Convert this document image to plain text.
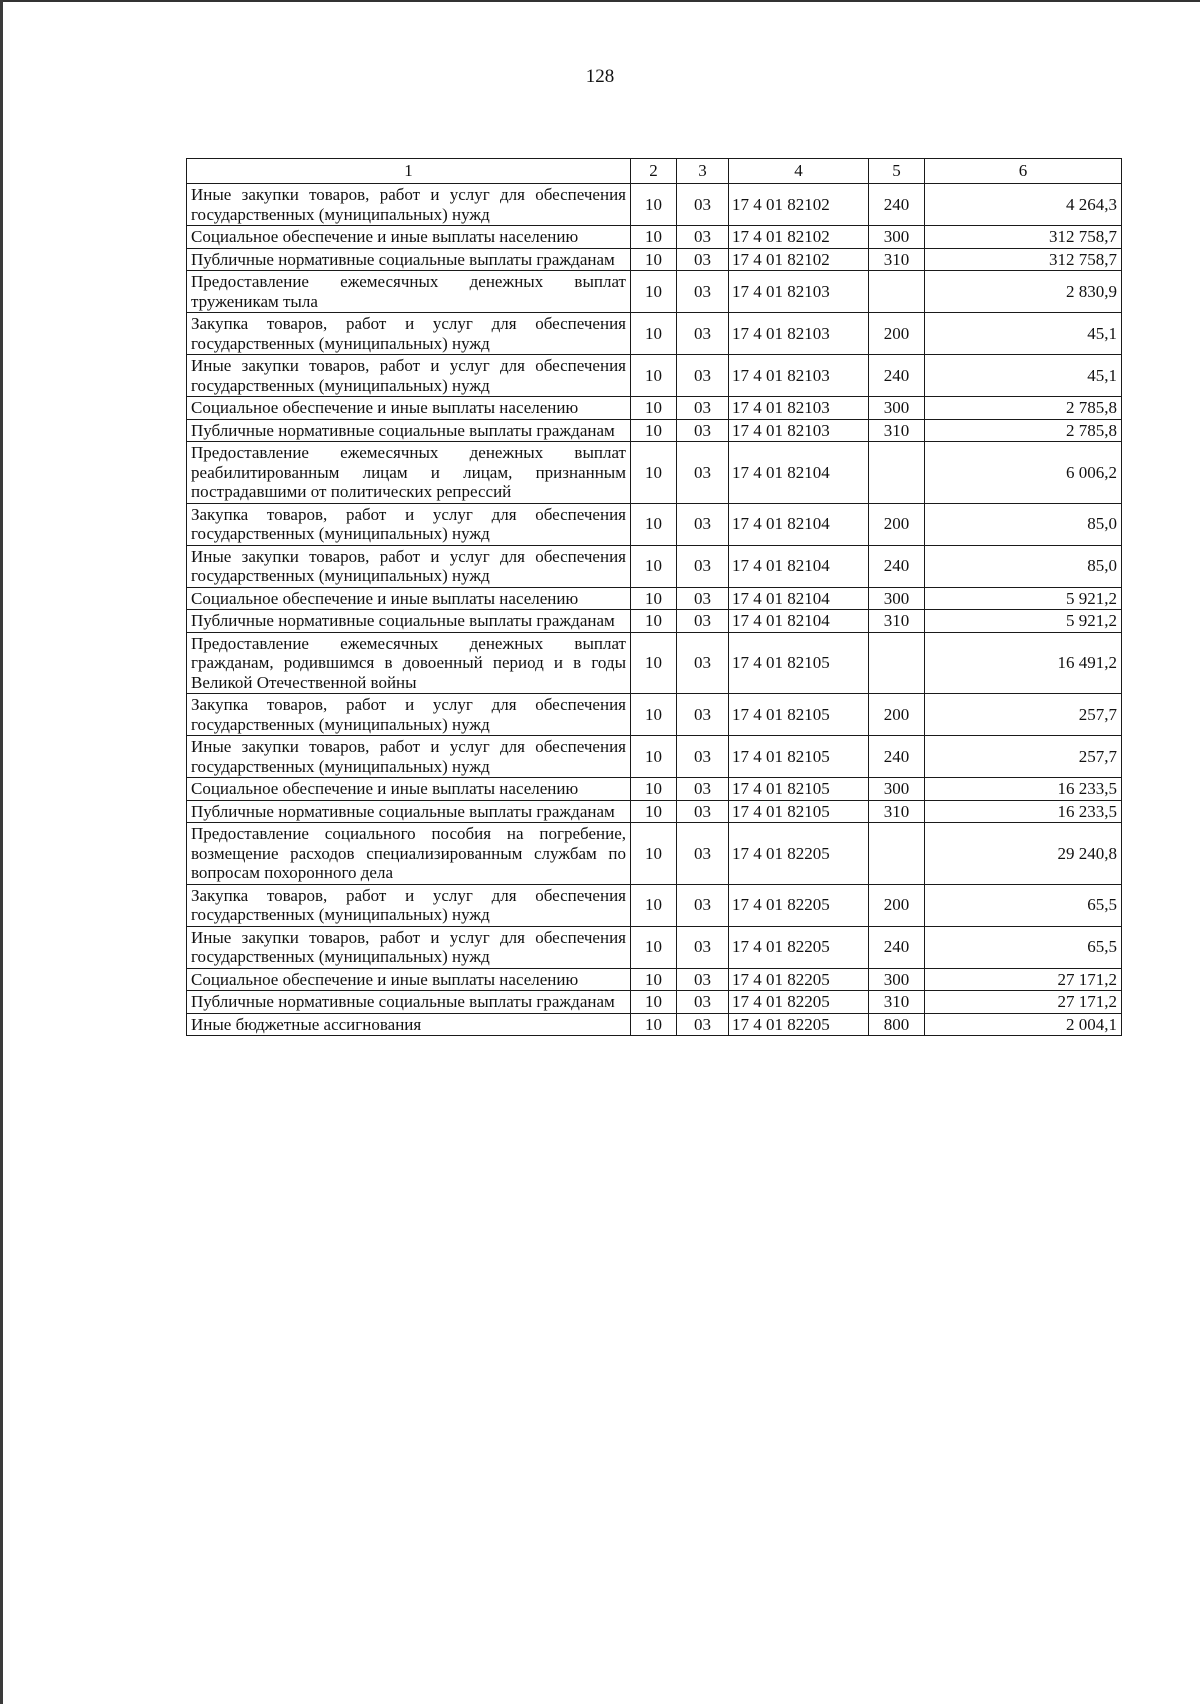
128
1	2	3	4	5	6
Иные закупки товаров, работ и услуг для обеспечения государственных (муниципальных) нужд	10	03	17 4 01 82102	240	4 264,3
Социальное обеспечение и иные выплаты населению	10	03	17 4 01 82102	300	312 758,7
Публичные нормативные социальные выплаты гражданам	10	03	17 4 01 82102	310	312 758,7
Предоставление ежемесячных денежных выплат труженикам тыла	10	03	17 4 01 82103		2 830,9
Закупка товаров, работ и услуг для обеспечения государственных (муниципальных) нужд	10	03	17 4 01 82103	200	45,1
Иные закупки товаров, работ и услуг для обеспечения государственных (муниципальных) нужд	10	03	17 4 01 82103	240	45,1
Социальное обеспечение и иные выплаты населению	10	03	17 4 01 82103	300	2 785,8
Публичные нормативные социальные выплаты гражданам	10	03	17 4 01 82103	310	2 785,8
Предоставление ежемесячных денежных выплат реабилитированным лицам и лицам, признанным пострадавшими от политических репрессий	10	03	17 4 01 82104		6 006,2
Закупка товаров, работ и услуг для обеспечения государственных (муниципальных) нужд	10	03	17 4 01 82104	200	85,0
Иные закупки товаров, работ и услуг для обеспечения государственных (муниципальных) нужд	10	03	17 4 01 82104	240	85,0
Социальное обеспечение и иные выплаты населению	10	03	17 4 01 82104	300	5 921,2
Публичные нормативные социальные выплаты гражданам	10	03	17 4 01 82104	310	5 921,2
Предоставление ежемесячных денежных выплат гражданам, родившимся в довоенный период и в годы Великой Отечественной войны	10	03	17 4 01 82105		16 491,2
Закупка товаров, работ и услуг для обеспечения государственных (муниципальных) нужд	10	03	17 4 01 82105	200	257,7
Иные закупки товаров, работ и услуг для обеспечения государственных (муниципальных) нужд	10	03	17 4 01 82105	240	257,7
Социальное обеспечение и иные выплаты населению	10	03	17 4 01 82105	300	16 233,5
Публичные нормативные социальные выплаты гражданам	10	03	17 4 01 82105	310	16 233,5
Предоставление социального пособия на погребение, возмещение расходов специализированным службам по вопросам похоронного дела	10	03	17 4 01 82205		29 240,8
Закупка товаров, работ и услуг для обеспечения государственных (муниципальных) нужд	10	03	17 4 01 82205	200	65,5
Иные закупки товаров, работ и услуг для обеспечения государственных (муниципальных) нужд	10	03	17 4 01 82205	240	65,5
Социальное обеспечение и иные выплаты населению	10	03	17 4 01 82205	300	27 171,2
Публичные нормативные социальные выплаты гражданам	10	03	17 4 01 82205	310	27 171,2
Иные бюджетные ассигнования	10	03	17 4 01 82205	800	2 004,1
